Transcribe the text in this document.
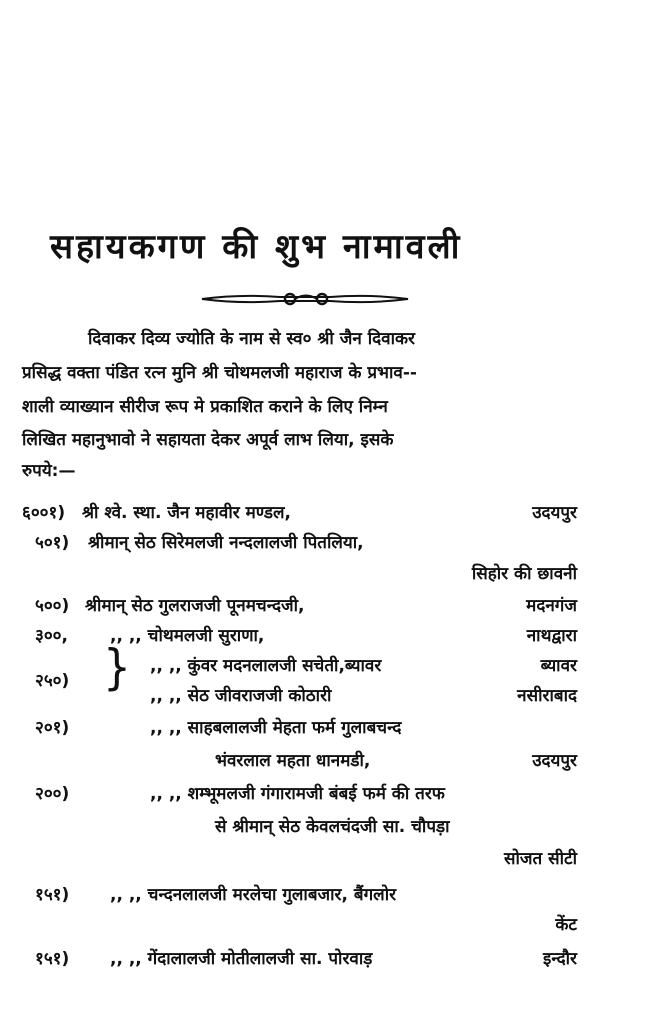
सहायकगण की शुभ नामावली
दिवाकर दिव्य ज्योति के नाम से स्व० श्री जैन दिवाकर
प्रसिद्ध वक्ता पंडित रत्न मुनि श्री चोथमलजी महाराज के प्रभाव--
शाली व्याख्यान सीरीज रूप मे प्रकाशित कराने के लिए निम्न
लिखित महानुभावो ने सहायता देकर अपूर्व लाभ लिया, इसके
रुपये:—
६००१) श्री श्वे. स्था. जैन महावीर मण्डल,	उदयपुर
५०१) श्रीमान् सेठ सिरेमलजी नन्दलालजी पितलिया,
सिहोर की छावनी
५००) श्रीमान् सेठ गुलराजजी पूनमचन्दजी,	मदनगंज
३००, ,, ,, चोथमलजी सुराणा,	नाथद्वारा
२५०) } ,, ,, कुंवर मदनलालजी सचेती,ब्यावर	ब्यावर
,, ,, सेठ जीवराजजी कोठारी	नसीराबाद
२०१)	,, ,, साहबलालजी मेहता फर्म गुलाबचन्द
भंवरलाल महता धानमडी,	उदयपुर
२००)	,, ,, शम्भूमलजी गंगारामजी बंबई फर्म की तरफ
से श्रीमान् सेठ केवलचंदजी सा. चौपड़ा
सोजत सीटी
१५१) ,, ,, चन्दनलालजी मरलेचा गुलाबजार, बैंगलोर
केंट
१५१) ,, ,, गेंदालालजी मोतीलालजी सा. पोरवाड़	इन्दौर
